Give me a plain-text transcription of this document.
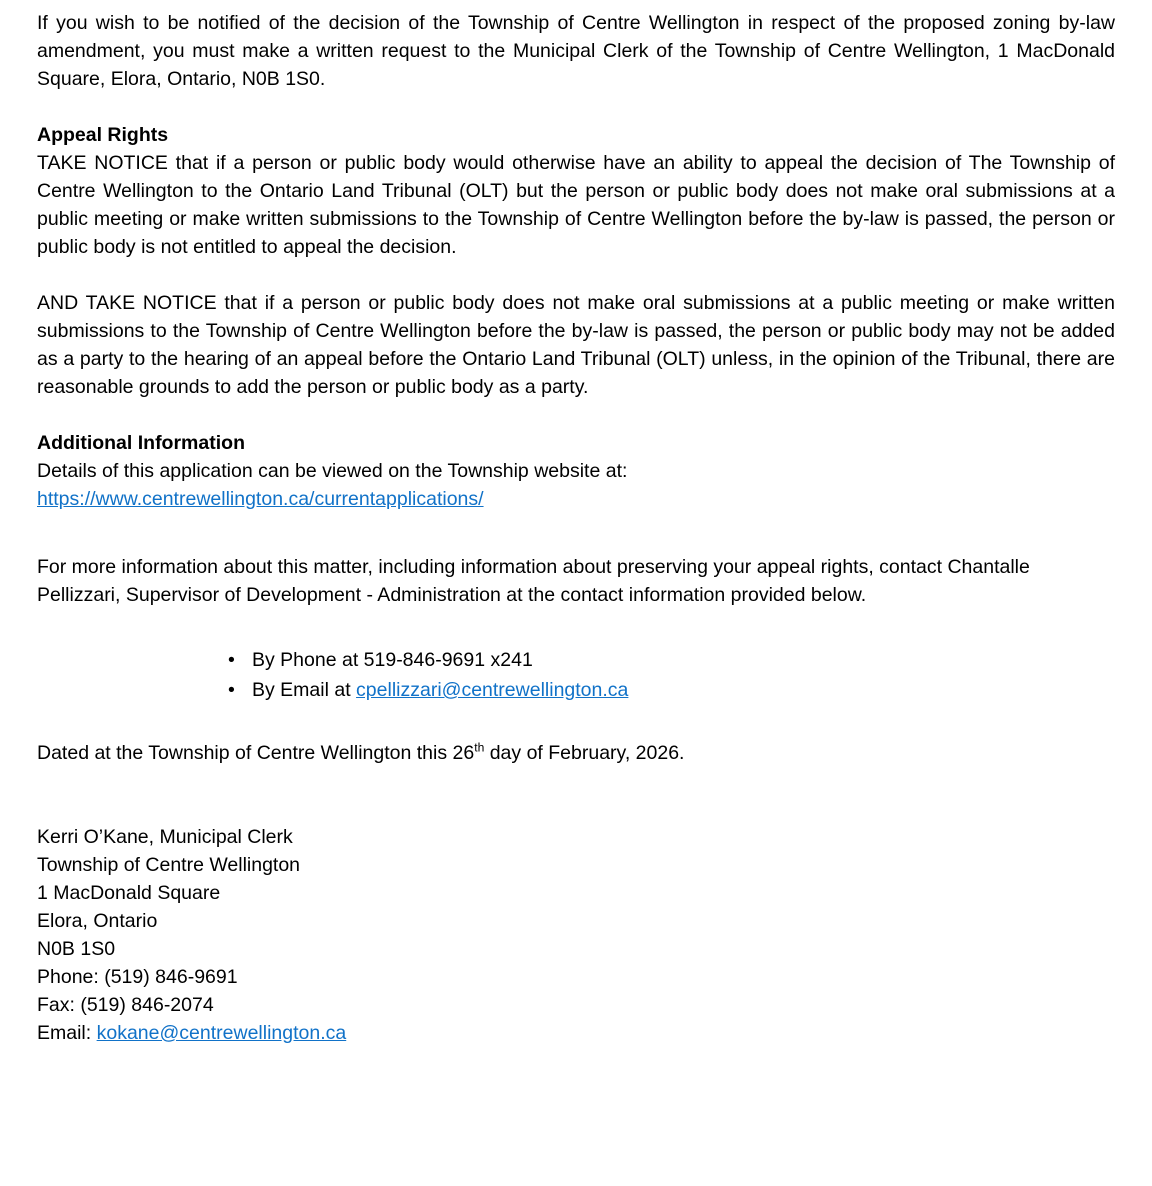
If you wish to be notified of the decision of the Township of Centre Wellington in respect of the proposed zoning by-law amendment, you must make a written request to the Municipal Clerk of the Township of Centre Wellington, 1 MacDonald Square, Elora, Ontario, N0B 1S0.

Appeal Rights

TAKE NOTICE that if a person or public body would otherwise have an ability to appeal the decision of The Township of Centre Wellington to the Ontario Land Tribunal (OLT) but the person or public body does not make oral submissions at a public meeting or make written submissions to the Township of Centre Wellington before the by-law is passed, the person or public body is not entitled to appeal the decision.

AND TAKE NOTICE that if a person or public body does not make oral submissions at a public meeting or make written submissions to the Township of Centre Wellington before the by-law is passed, the person or public body may not be added as a party to the hearing of an appeal before the Ontario Land Tribunal (OLT) unless, in the opinion of the Tribunal, there are reasonable grounds to add the person or public body as a party.

Additional Information

Details of this application can be viewed on the Township website at:

https://www.centrewellington.ca/currentapplications/

For more information about this matter, including information about preserving your appeal rights, contact Chantalle Pellizzari, Supervisor of Development - Administration at the contact information provided below.

• By Phone at 519-846-9691 x241
• By Email at cpellizzari@centrewellington.ca

Dated at the Township of Centre Wellington this 26th day of February, 2026.

Kerri O’Kane, Municipal Clerk
Township of Centre Wellington
1 MacDonald Square
Elora, Ontario
N0B 1S0
Phone: (519) 846-9691
Fax: (519) 846-2074
Email: kokane@centrewellington.ca
